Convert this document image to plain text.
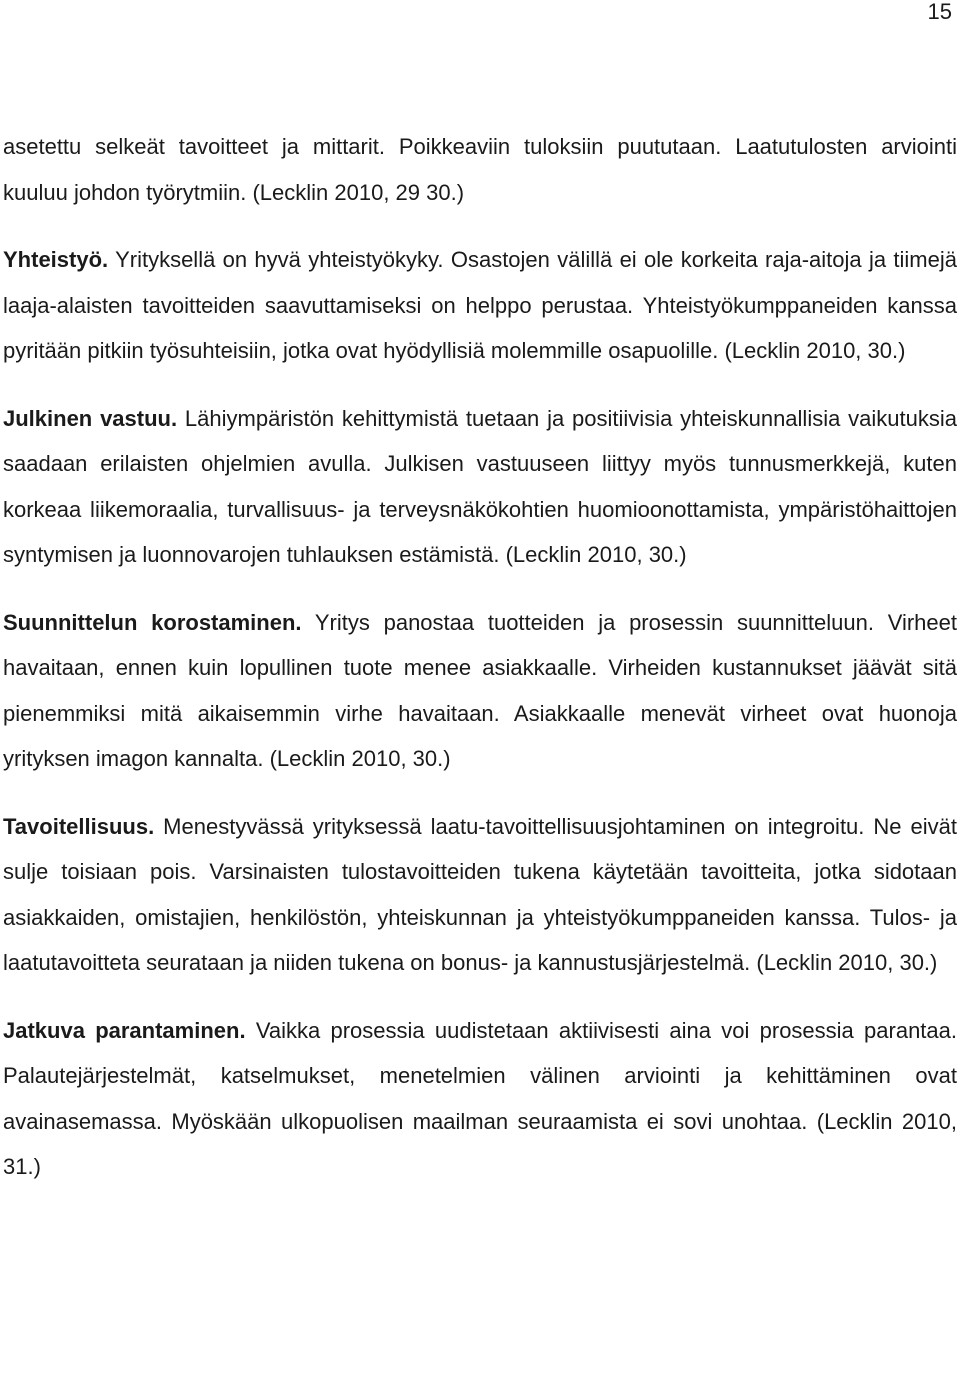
15

asetettu selkeät tavoitteet ja mittarit. Poikkeaviin tuloksiin puututaan. Laatutulosten arviointi kuuluu johdon työrytmiin. (Lecklin 2010, 29 30.)

Yhteistyö. Yrityksellä on hyvä yhteistyökyky. Osastojen välillä ei ole korkeita raja-aitoja ja tiimejä laaja-alaisten tavoitteiden saavuttamiseksi on helppo perustaa. Yhteistyökumppaneiden kanssa pyritään pitkiin työsuhteisiin, jotka ovat hyödyllisiä molemmille osapuolille. (Lecklin 2010, 30.)

Julkinen vastuu. Lähiympäristön kehittymistä tuetaan ja positiivisia yhteiskunnallisia vaikutuksia saadaan erilaisten ohjelmien avulla. Julkisen vastuuseen liittyy myös tunnusmerkkejä, kuten korkeaa liikemoraalia, turvallisuus- ja terveysnäkökohtien huomioonottamista, ympäristöhaittojen syntymisen ja luonnovarojen tuhlauksen estämistä. (Lecklin 2010, 30.)

Suunnittelun korostaminen. Yritys panostaa tuotteiden ja prosessin suunnitteluun. Virheet havaitaan, ennen kuin lopullinen tuote menee asiakkaalle. Virheiden kustannukset jäävät sitä pienemmiksi mitä aikaisemmin virhe havaitaan. Asiakkaalle menevät virheet ovat huonoja yrityksen imagon kannalta. (Lecklin 2010, 30.)

Tavoitellisuus. Menestyvässä yrityksessä laatu-tavoittellisuusjohtaminen on integroitu. Ne eivät sulje toisiaan pois. Varsinaisten tulostavoitteiden tukena käytetään tavoitteita, jotka sidotaan asiakkaiden, omistajien, henkilöstön, yhteiskunnan ja yhteistyökumppaneiden kanssa. Tulos- ja laatutavoitteta seurataan ja niiden tukena on bonus- ja kannustusjärjestelmä. (Lecklin 2010, 30.)

Jatkuva parantaminen. Vaikka prosessia uudistetaan aktiivisesti aina voi prosessia parantaa. Palautejärjestelmät, katselmukset, menetelmien välinen arviointi ja kehittäminen ovat avainasemassa. Myöskään ulkopuolisen maailman seuraamista ei sovi unohtaa. (Lecklin 2010, 31.)
